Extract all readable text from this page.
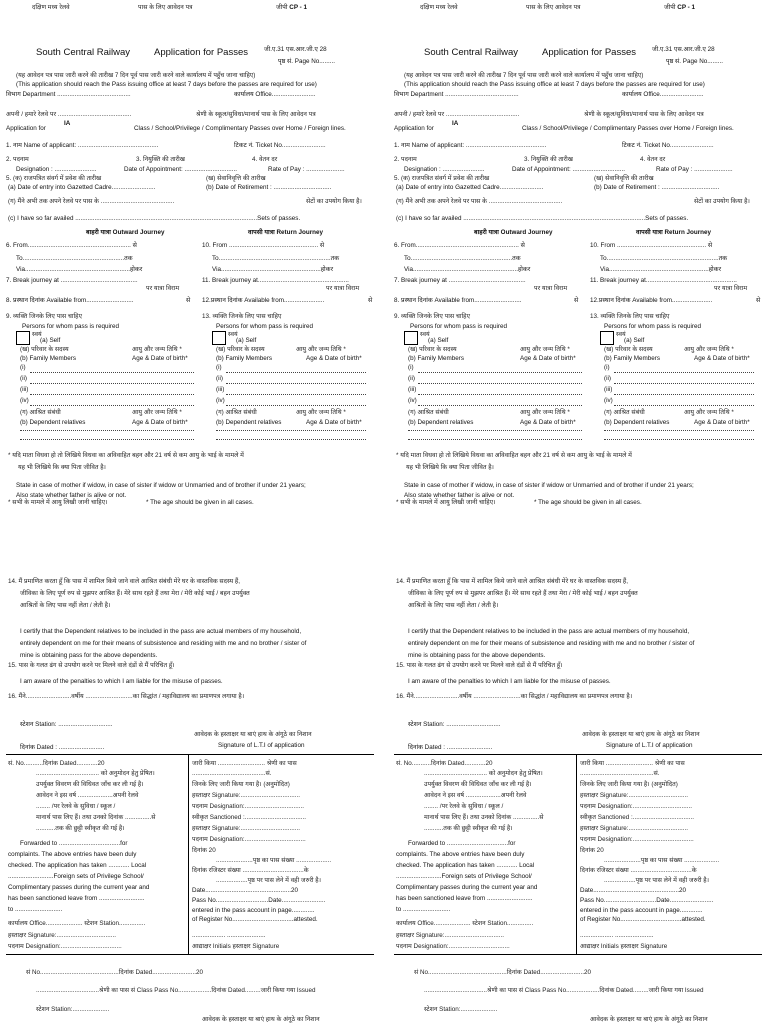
दक्षिण मध्य रेलवे	पास के लिए आवेदन पत्र	जीपी CP - 1
South Central Railway	Application for Passes	जी.ए.31 एस.आर.जी.ए 28
पृष्ठ सं. Page No.........
(यह आवेदन पत्र पास जारी करने की तारीख 7 दिन पूर्व पास जारी करने वाले कार्यालय में पहुँच जाना चाहिए)
(This application should reach the Pass issuing office at least 7 days before the passes are required for use)
विभाग Department ..........................................	कार्यालय Office.........................
अपनी / हमारे रेलवे पर ..........................................	श्रेणी के स्कूल/सुविधा/मानार्थ पास के लिए आवेदन पत्र
Application for
IA
Class / School/Privilege / Complimentary Passes over Home / Foreign lines.
1. नाम Name of applicant: ..............................................	टिकट नं. Ticket No.........................
2. पदनाम	3. नियुक्ति की तारीख	4. वेतन दर
Designation : ........................	Date of Appointment: ..............................	Rate of Pay : ......................
5. (क) राजपत्रित संवर्ग में प्रवेश की तारीख	(ख) सेवानिवृत्ति की तारीख
(a) Date of entry into Gazetted Cadre.........................	(b) Date of Retirement : .................................
(ग) मैंने अभी तक अपने रेलवे पर पास के ..........................................	सेटों का उपयोग किया है।
(c) I have so far availed ........................................................................................................Sets of passes.
बाहरी यात्रा Outward Journey	वापसी यात्रा Return Journey
6. From........................................................... से	10. From ................................................... से
To..........................................................तक	To................................................................तक
Via............................................................होकर	Via.........................................................होकर
7. Break journey at ............................................
पर यात्रा विराम
11. Break journey at....................................................
पर यात्रा विराम
8. प्रस्थान दिनांक Available from...........................	से 12.प्रस्थान दिनांक Available from.......................	से
9. व्यक्ति जिनके लिए पास चाहिए	13. व्यक्ति जिनके लिए पास चाहिए
Persons for whom pass is required	Persons for whom pass is required
स्वयं
(a) Self
स्वयं
(a) Self
(ख) परिवार के सदस्य	आयु और जन्म तिथि *
(b) Family Members	Age & Date of birth*
(ख) परिवार के सदस्य	आयु और जन्म तिथि *
(b) Family Members	Age & Date of birth*
(i)
(ii)
(iii)
(iv)
(i)
(ii)
(iii)
(iv)
(ग) आश्रित संबंधी	आयु और जन्म तिथि *
(b) Dependent relatives	Age & Date of birth*
(ग) आश्रित संबंधी	आयु और जन्म तिथि *
(b) Dependent relatives	Age & Date of birth*
* यदि माता विधवा हो तो लिखिये विधवा का अविवाहित बहन और 21 वर्ष से कम आयु के भाई के मामले में
यह भी लिखिये कि क्या पिता जीवित है।
State in case of mother if widow, in case of sister if widow or Unmarried and of brother if under 21 years;
Also state whether father is alive or not.
* सभी के मामले में आयु लिखी जानी चाहिए।	* The age should be given in all cases.
14. मैं प्रमाणित करता हूँ कि पास में शामिल किये जाने वाले आश्रित संबंधी मेरे घर के वास्तविक सदस्य हैं,
जीविका के लिए पूर्ण रुप से मुझपर आश्रित हैं। मेरे साथ रहते हैं तथा मेरा / मेरी कोई भाई / बहन उपर्युक्त
आश्रितों के लिए पास नहीं लेता / लेती है।
I certify that the Dependent relatives to be included in the pass are actual members of my household,
entirely dependent on me for their means of subsistence and residing with me and no brother / sister of
mine is obtaining pass for the above dependents.
15. पास के गलत ढंग से उपयोग करने पर मिलने वाले दंडों से मैं परिचित हूँ।
I am aware of the penalties to which I am liable for the misuse of passes.
16. मैंने..........................वर्षीय ...........................का सिद्धांत / महाविद्यालय का प्रमाणपत्र लगाया है।
स्टेशन Station: ...............................
आवेदक के हस्ताक्षर या बाएं हाथ के अंगूठे का निशान
Signature of L.T.I of application
दिनांक Dated : ..........................
सं. No...........दिनांक Dated............20
.................................... को अनुमोदन हेतु प्रेषित।
उपर्युक्त विवरण की विधिवत जाँच कर ली गई है।
आवेदन ने इस वर्ष ....................अपनी रेलवे
........ /पर रेलवे के सुविधा / स्कूल /
मानार्थ पास लिए हैं। तथा उनको दिनांक ...............से
...........तक की छुट्टी स्वीकृत की गई है।
Forwarded to ...................................for
complaints. The above entries have been duly
checked. The application has taken ............ Local
..........................Foreign sets of Privilege School/
Complimentary passes during the current year and
has been sanctioned leave from ..........................
to ...........................
कार्यालय Office..................... स्टेशन Station...............
हस्ताक्षर Signature:..................................
पदनाम Designation:...................................
जारी किया ........................... श्रेणी का पास
..........................................सं.
जिनके लिए जारी किया गया है। (अनुमोदित)
हस्ताक्षर Signature:..................................
पदनाम Designation:..................................
स्वीकृत Sanctioned :...................................
हस्ताक्षर Signature:..................................
पदनाम Designation:...................................
दिनांक 20
.....................पृष्ठ का पास संख्या ....................
दिनांक रजिस्टर संख्या ...................................के
..................पृष्ठ पर पास लेने में वही जरुरी है।
Date.................................................20
Pass No..............................Date.........................
entered in the pass account in page.............
of Register No...................................attested.
................... ......................
आद्याक्षर Initials हस्ताक्षर Signature
सं No.............................................दिनांक Dated.........................20
....................................श्रेणी का पास सं Class Pass No...................दिनांक Dated.........जारी किया गया Issued
स्टेशन Station:.....................
आवेदक के हस्ताक्षर या बाएं हाथ के अंगूठे का निशान
दक्षिण मध्य रेलवे	पास के लिए आवेदन पत्र	जीपी CP - 1
South Central Railway	Application for Passes	जी.ए.31 एस.आर.जी.ए 28
पृष्ठ सं. Page No.........
(यह आवेदन पत्र पास जारी करने की तारीख 7 दिन पूर्व पास जारी करने वाले कार्यालय में पहुँच जाना चाहिए)
(This application should reach the Pass issuing office at least 7 days before the passes are required for use)
विभाग Department ..........................................	कार्यालय Office.........................
अपनी / हमारे रेलवे पर ..........................................	श्रेणी के स्कूल/सुविधा/मानार्थ पास के लिए आवेदन पत्र
Application for
IA
Class / School/Privilege / Complimentary Passes over Home / Foreign lines.
1. नाम Name of applicant: ..............................................	टिकट नं. Ticket No.........................
2. पदनाम	3. नियुक्ति की तारीख	4. वेतन दर
Designation : ........................	Date of Appointment: ..............................	Rate of Pay : ......................
5. (क) राजपत्रित संवर्ग में प्रवेश की तारीख	(ख) सेवानिवृत्ति की तारीख
(a) Date of entry into Gazetted Cadre.........................	(b) Date of Retirement : .................................
(ग) मैंने अभी तक अपने रेलवे पर पास के ..........................................	सेटों का उपयोग किया है।
(c) I have so far availed ........................................................................................................Sets of passes.
बाहरी यात्रा Outward Journey	वापसी यात्रा Return Journey
6. From........................................................... से	10. From ................................................... से
To..........................................................तक	To................................................................तक
Via............................................................होकर	Via.........................................................होकर
7. Break journey at ............................................
पर यात्रा विराम
11. Break journey at....................................................
पर यात्रा विराम
8. प्रस्थान दिनांक Available from...........................	से 12.प्रस्थान दिनांक Available from.......................	से
9. व्यक्ति जिनके लिए पास चाहिए	13. व्यक्ति जिनके लिए पास चाहिए
Persons for whom pass is required	Persons for whom pass is required
स्वयं
(a) Self
स्वयं
(a) Self
(ख) परिवार के सदस्य	आयु और जन्म तिथि *
(b) Family Members	Age & Date of birth*
(ख) परिवार के सदस्य	आयु और जन्म तिथि *
(b) Family Members	Age & Date of birth*
(i)
(ii)
(iii)
(iv)
(i)
(ii)
(iii)
(iv)
(ग) आश्रित संबंधी	आयु और जन्म तिथि *
(b) Dependent relatives	Age & Date of birth*
(ग) आश्रित संबंधी	आयु और जन्म तिथि *
(b) Dependent relatives	Age & Date of birth*
* यदि माता विधवा हो तो लिखिये विधवा का अविवाहित बहन और 21 वर्ष से कम आयु के भाई के मामले में
यह भी लिखिये कि क्या पिता जीवित है।
State in case of mother if widow, in case of sister if widow or Unmarried and of brother if under 21 years;
Also state whether father is alive or not.
* सभी के मामले में आयु लिखी जानी चाहिए।	* The age should be given in all cases.
14. मैं प्रमाणित करता हूँ कि पास में शामिल किये जाने वाले आश्रित संबंधी मेरे घर के वास्तविक सदस्य हैं,
जीविका के लिए पूर्ण रुप से मुझपर आश्रित हैं। मेरे साथ रहते हैं तथा मेरा / मेरी कोई भाई / बहन उपर्युक्त
आश्रितों के लिए पास नहीं लेता / लेती है।
I certify that the Dependent relatives to be included in the pass are actual members of my household,
entirely dependent on me for their means of subsistence and residing with me and no brother / sister of
mine is obtaining pass for the above dependents.
15. पास के गलत ढंग से उपयोग करने पर मिलने वाले दंडों से मैं परिचित हूँ।
I am aware of the penalties to which I am liable for the misuse of passes.
16. मैंने..........................वर्षीय ...........................का सिद्धांत / महाविद्यालय का प्रमाणपत्र लगाया है।
स्टेशन Station: ...............................
आवेदक के हस्ताक्षर या बाएं हाथ के अंगूठे का निशान
Signature of L.T.I of application
दिनांक Dated : ..........................
सं. No...........दिनांक Dated............20
.................................... को अनुमोदन हेतु प्रेषित।
उपर्युक्त विवरण की विधिवत जाँच कर ली गई है।
आवेदन ने इस वर्ष ....................अपनी रेलवे
........ /पर रेलवे के सुविधा / स्कूल /
मानार्थ पास लिए हैं। तथा उनको दिनांक ...............से
...........तक की छुट्टी स्वीकृत की गई है।
Forwarded to ...................................for
complaints. The above entries have been duly
checked. The application has taken ............ Local
..........................Foreign sets of Privilege School/
Complimentary passes during the current year and
has been sanctioned leave from ..........................
to ...........................
कार्यालय Office..................... स्टेशन Station...............
हस्ताक्षर Signature:..................................
पदनाम Designation:...................................
जारी किया ........................... श्रेणी का पास
..........................................सं.
जिनके लिए जारी किया गया है। (अनुमोदित)
हस्ताक्षर Signature:..................................
पदनाम Designation:..................................
स्वीकृत Sanctioned :...................................
हस्ताक्षर Signature:..................................
पदनाम Designation:...................................
दिनांक 20
.....................पृष्ठ का पास संख्या ....................
दिनांक रजिस्टर संख्या ...................................के
..................पृष्ठ पर पास लेने में वही जरुरी है।
Date.................................................20
Pass No..............................Date.........................
entered in the pass account in page.............
of Register No...................................attested.
................... ......................
आद्याक्षर Initials हस्ताक्षर Signature
सं No.............................................दिनांक Dated.........................20
....................................श्रेणी का पास सं Class Pass No...................दिनांक Dated.........जारी किया गया Issued
स्टेशन Station:.....................
आवेदक के हस्ताक्षर या बाएं हाथ के अंगूठे का निशान
